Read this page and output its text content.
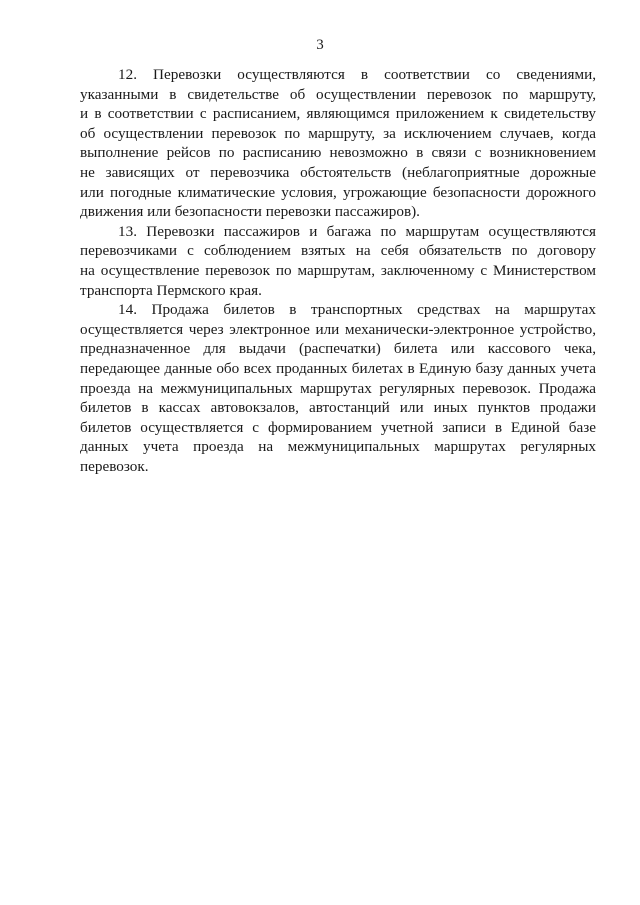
3
12. Перевозки осуществляются в соответствии со сведениями,
указанными в свидетельстве об осуществлении перевозок по маршруту,
и в соответствии с расписанием, являющимся приложением к свидетельству
об осуществлении перевозок по маршруту, за исключением случаев, когда
выполнение рейсов по расписанию невозможно в связи с возникновением
не зависящих от перевозчика обстоятельств (неблагоприятные дорожные
или погодные климатические условия, угрожающие безопасности дорожного
движения или безопасности перевозки пассажиров).
13. Перевозки пассажиров и багажа по маршрутам осуществляются
перевозчиками с соблюдением взятых на себя обязательств по договору
на осуществление перевозок по маршрутам, заключенному с Министерством
транспорта Пермского края.
14. Продажа билетов в транспортных средствах на маршрутах
осуществляется через электронное или механически-электронное устройство,
предназначенное для выдачи (распечатки) билета или кассового чека,
передающее данные обо всех проданных билетах в Единую базу данных учета
проезда на межмуниципальных маршрутах регулярных перевозок. Продажа
билетов в кассах автовокзалов, автостанций или иных пунктов продажи
билетов осуществляется с формированием учетной записи в Единой базе
данных учета проезда на межмуниципальных маршрутах регулярных
перевозок.
